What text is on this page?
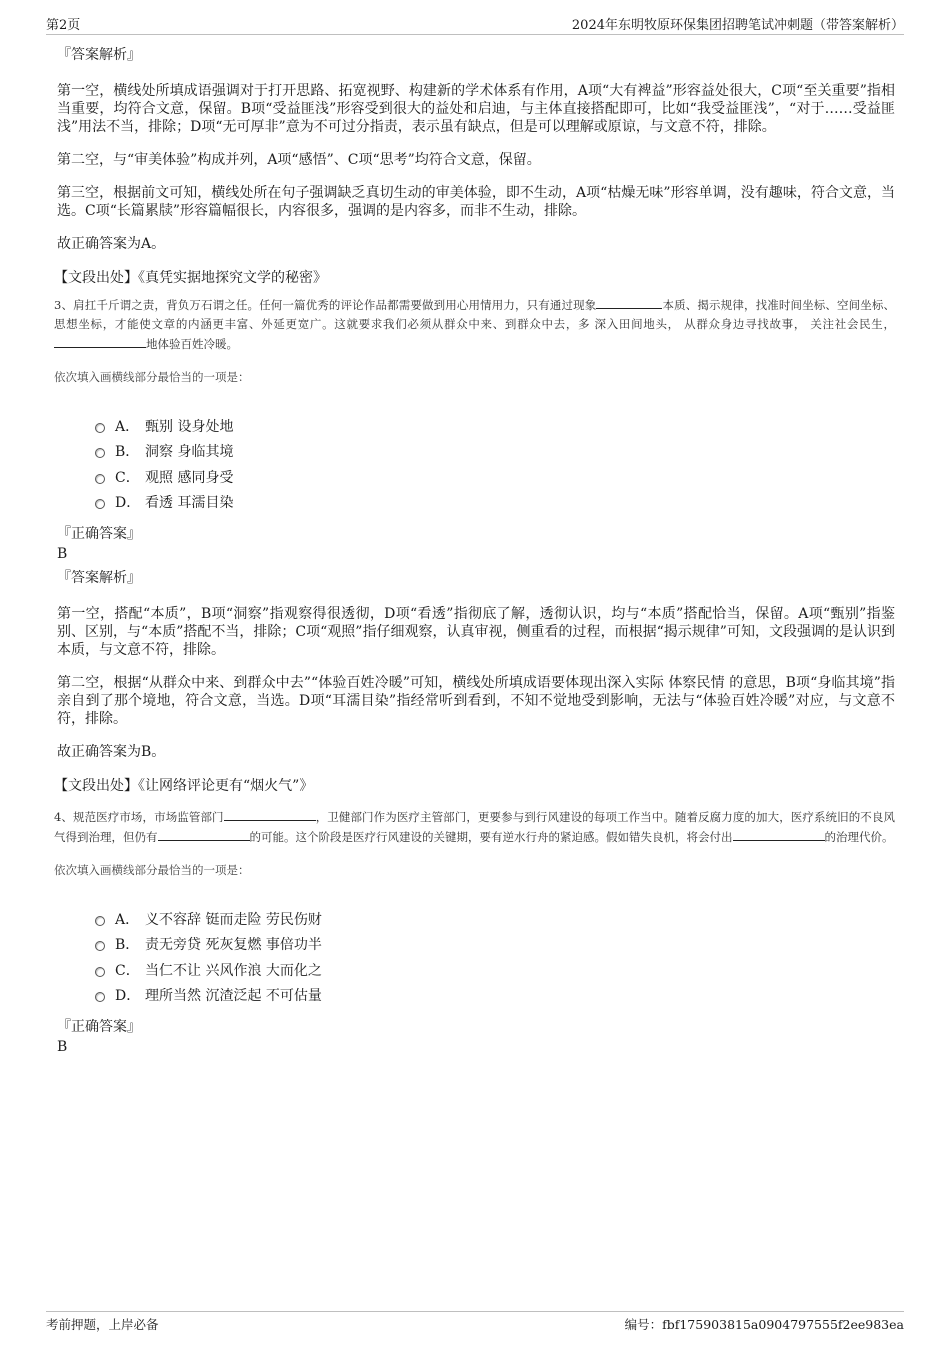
第2页	2024年东明牧原环保集团招聘笔试冲刺题（带答案解析）
『答案解析』

第一空，横线处所填成语强调对于打开思路、拓宽视野、构建新的学术体系有作用，A项“大有裨益”形容益处很大，C项“至关重要”指相当重要，均符合文意，保留。B项“受益匪浅”形容受到很大的益处和启迪，与主体直接搭配即可，比如“我受益匪浅”，“对于……受益匪浅”用法不当，排除；D项“无可厚非”意为不可过分指责，表示虽有缺点，但是可以理解或原谅，与文意不符，排除。

第二空，与“审美体验”构成并列，A项“感悟”、C项“思考”均符合文意，保留。

第三空，根据前文可知，横线处所在句子强调缺乏真切生动的审美体验，即不生动，A项“枯燥无味”形容单调，没有趣味，符合文意，当选。C项“长篇累牍”形容篇幅很长，内容很多，强调的是内容多，而非不生动，排除。

故正确答案为A。

【文段出处】《真凭实据地探究文学的秘密》
3、肩扛千斤谓之责，背负万石谓之任。任何一篇优秀的评论作品都需要做到用心用情用力，只有通过现象	本质、揭示规律，找准时间坐标、空间坐标、思想坐标，才能使文章的内涵更丰富、外延更宽广。这就要求我们必须从群众中来、到群众中去，多 深入田间地头， 从群众身边寻找故事， 关注社会民生，地体验百姓冷暖。
依次填入画横线部分最恰当的一项是：
A． 甄别 设身处地
B． 洞察 身临其境
C． 观照 感同身受
D． 看透 耳濡目染
『正确答案』
B
『答案解析』

第一空，搭配“本质”，B项“洞察”指观察得很透彻，D项“看透”指彻底了解，透彻认识，均与“本质”搭配恰当，保留。A项“甄别”指鉴别、区别，与“本质”搭配不当，排除；C项“观照”指仔细观察，认真审视，侧重看的过程，而根据“揭示规律”可知，文段强调的是认识到本质，与文意不符，排除。

第二空，根据“从群众中来、到群众中去”“体验百姓冷暖”可知，横线处所填成语要体现出深入实际 体察民情 的意思，B项“身临其境”指亲自到了那个境地，符合文意，当选。D项“耳濡目染”指经常听到看到，不知不觉地受到影响，无法与“体验百姓冷暖”对应，与文意不符，排除。

故正确答案为B。

【文段出处】《让网络评论更有“烟火气”》
4、规范医疗市场，市场监管部门	，卫健部门作为医疗主管部门，更要参与到行风建设的每项工作当中。随着反腐力度的加大，医疗系统旧的不良风气得到治理，但仍有	的可能。这个阶段是医疗行风建设的关键期，要有逆水行舟的紧迫感。假如错失良机，将会付出	的治理代价。
依次填入画横线部分最恰当的一项是：
A． 义不容辞 铤而走险 劳民伤财
B． 责无旁贷 死灰复燃 事倍功半
C． 当仁不让 兴风作浪 大而化之
D． 理所当然 沉渣泛起 不可估量
『正确答案』
B
考前押题，上岸必备	编号：fbf175903815a0904797555f2ee983ea
